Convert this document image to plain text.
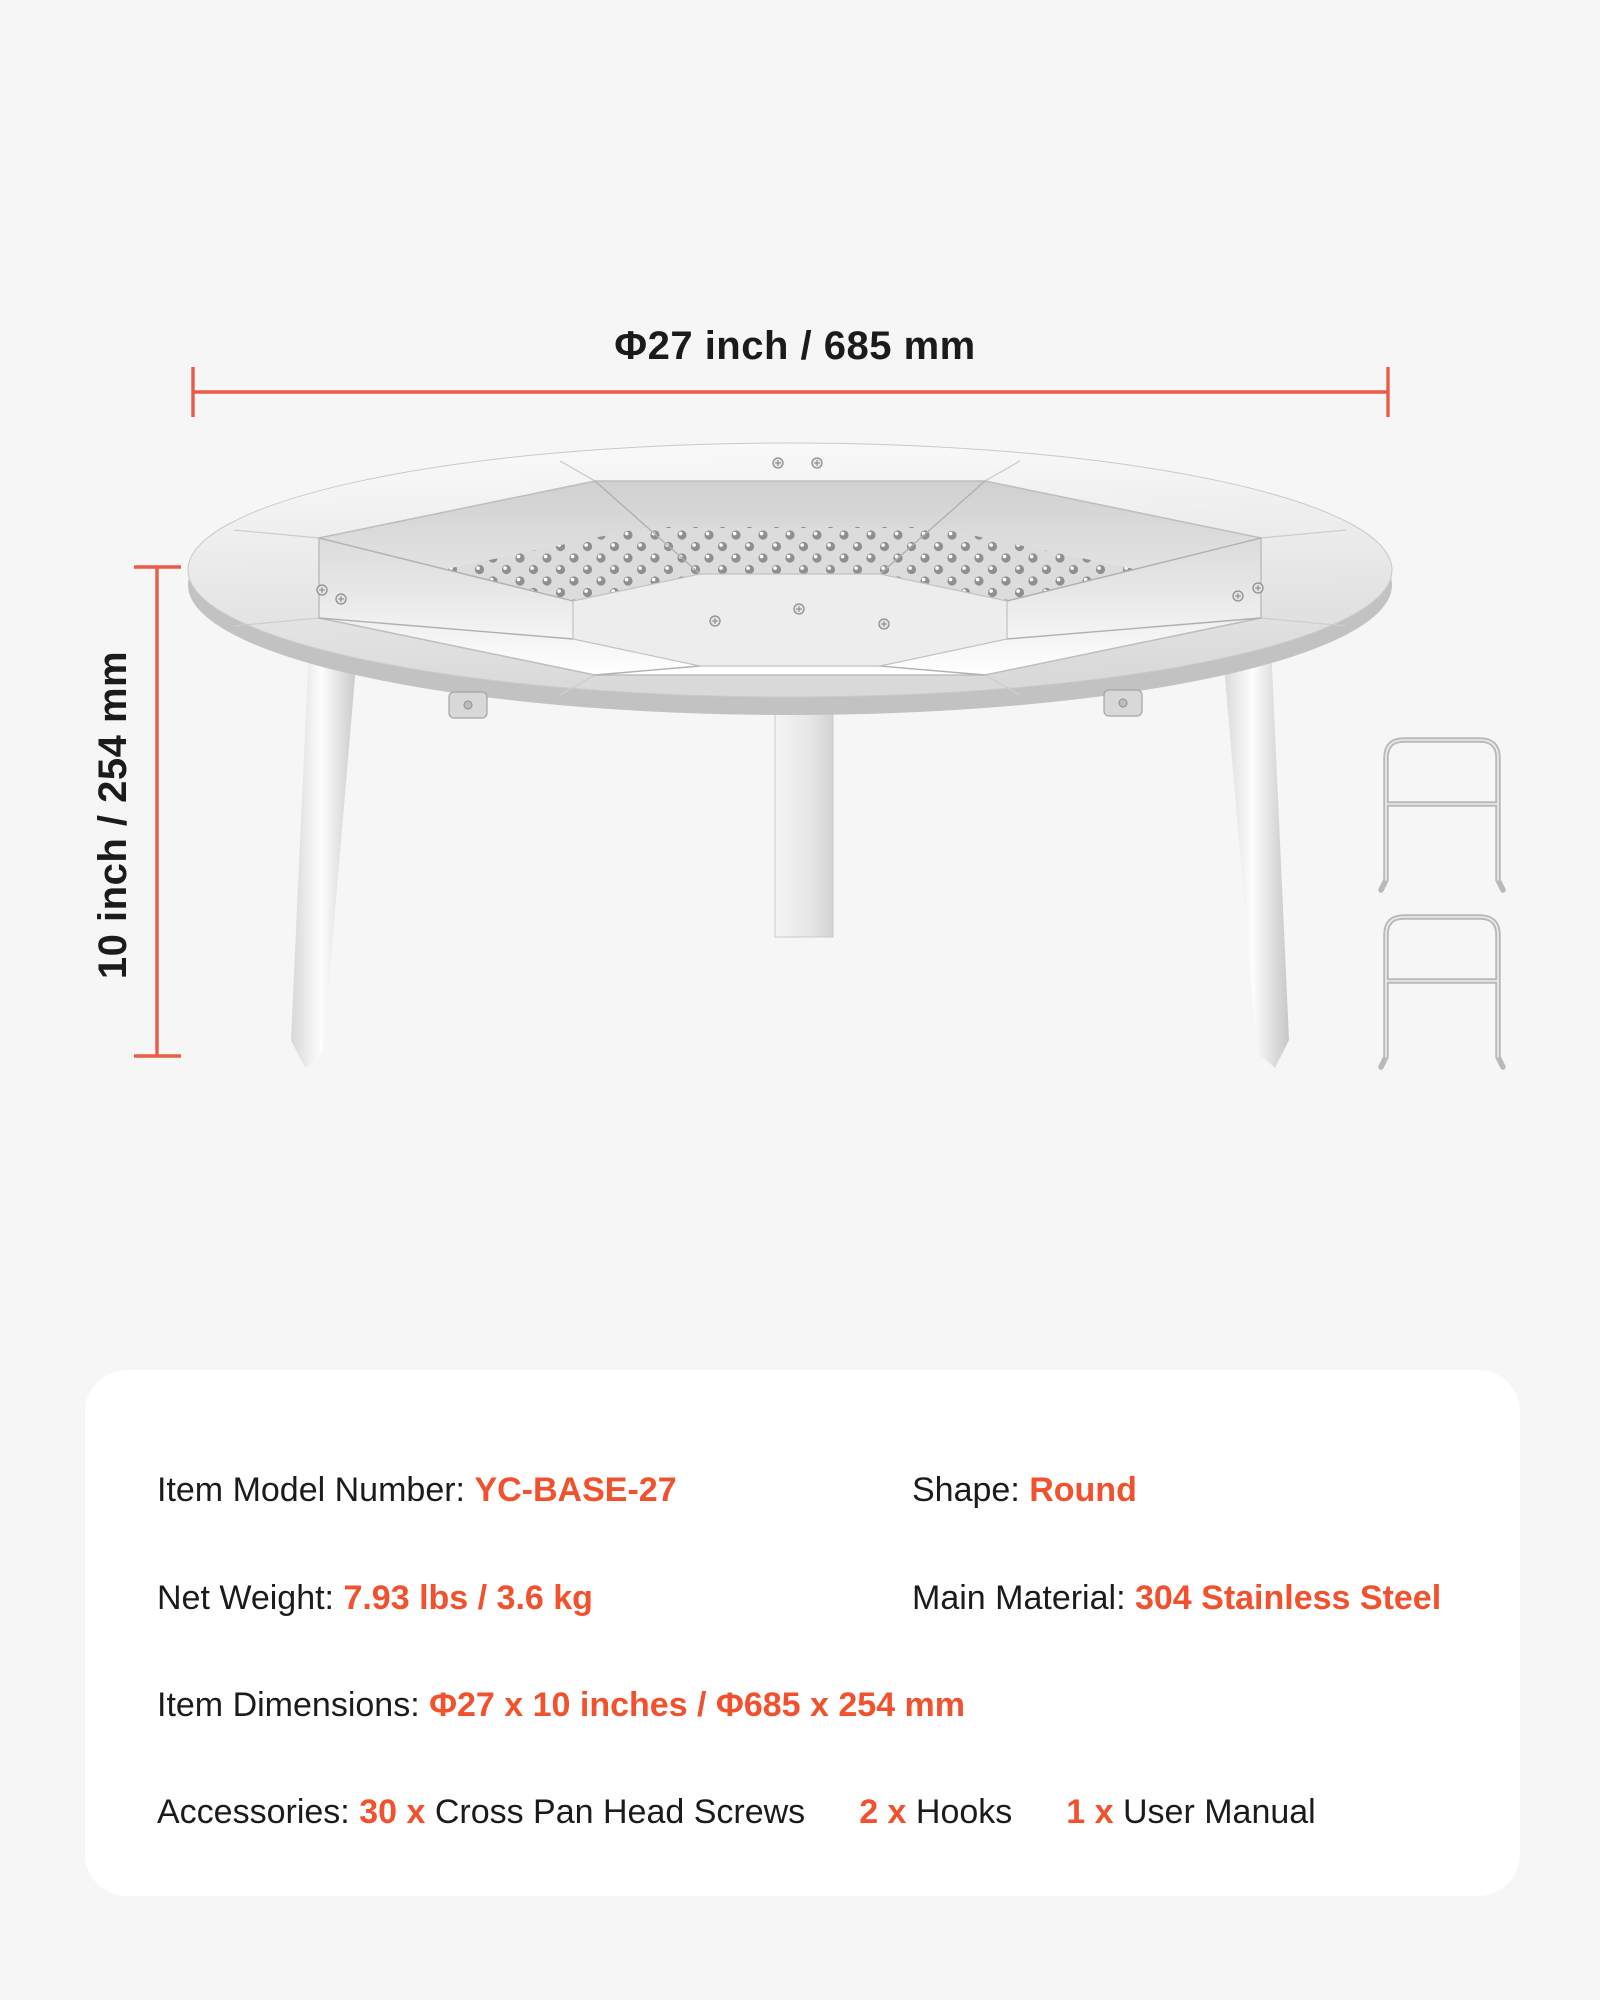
Φ27 inch / 685 mm
10 inch / 254 mm

Item Model Number: YC-BASE-27	Shape: Round

Net Weight: 7.93 lbs / 3.6 kg	Main Material: 304 Stainless Steel

Item Dimensions: Φ27 x 10 inches / Φ685 x 254 mm

Accessories: 30 x Cross Pan Head Screws 2 x Hooks 1 x User Manual
